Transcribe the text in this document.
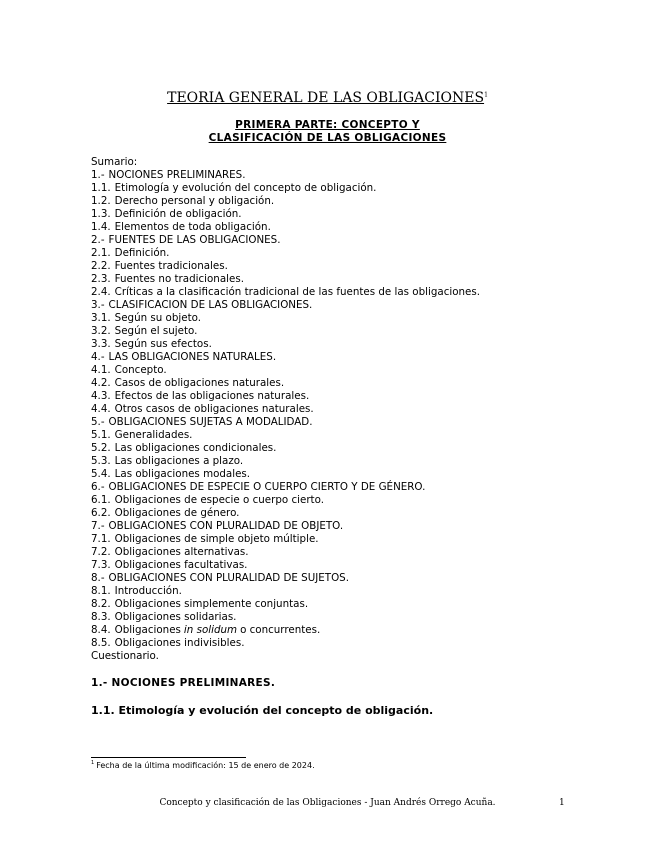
TEORIA GENERAL DE LAS OBLIGACIONES$^1$
PRIMERA PARTE: CONCEPTO Y
CLASIFICACIÓN DE LAS OBLIGACIONES
Sumario:
1.- NOCIONES PRELIMINARES.
1.1. Etimología y evolución del concepto de obligación.
1.2. Derecho personal y obligación.
1.3. Definición de obligación.
1.4. Elementos de toda obligación.
2.- FUENTES DE LAS OBLIGACIONES.
2.1. Definición.
2.2. Fuentes tradicionales.
2.3. Fuentes no tradicionales.
2.4. Críticas a la clasificación tradicional de las fuentes de las obligaciones.
3.- CLASIFICACION DE LAS OBLIGACIONES.
3.1. Según su objeto.
3.2. Según el sujeto.
3.3. Según sus efectos.
4.- LAS OBLIGACIONES NATURALES.
4.1. Concepto.
4.2. Casos de obligaciones naturales.
4.3. Efectos de las obligaciones naturales.
4.4. Otros casos de obligaciones naturales.
5.- OBLIGACIONES SUJETAS A MODALIDAD.
5.1. Generalidades.
5.2. Las obligaciones condicionales.
5.3. Las obligaciones a plazo.
5.4. Las obligaciones modales.
6.- OBLIGACIONES DE ESPECIE O CUERPO CIERTO Y DE GÉNERO.
6.1. Obligaciones de especie o cuerpo cierto.
6.2. Obligaciones de género.
7.- OBLIGACIONES CON PLURALIDAD DE OBJETO.
7.1. Obligaciones de simple objeto múltiple.
7.2. Obligaciones alternativas.
7.3. Obligaciones facultativas.
8.- OBLIGACIONES CON PLURALIDAD DE SUJETOS.
8.1. Introducción.
8.2. Obligaciones simplemente conjuntas.
8.3. Obligaciones solidarias.
8.4. Obligaciones in solidum o concurrentes.
8.5. Obligaciones indivisibles.
Cuestionario.
1.- NOCIONES PRELIMINARES.
1.1. Etimología y evolución del concepto de obligación.
$^1$ Fecha de la última modificación: 15 de enero de 2024.
Concepto y clasificación de las Obligaciones - Juan Andrés Orrego Acuña.	1
